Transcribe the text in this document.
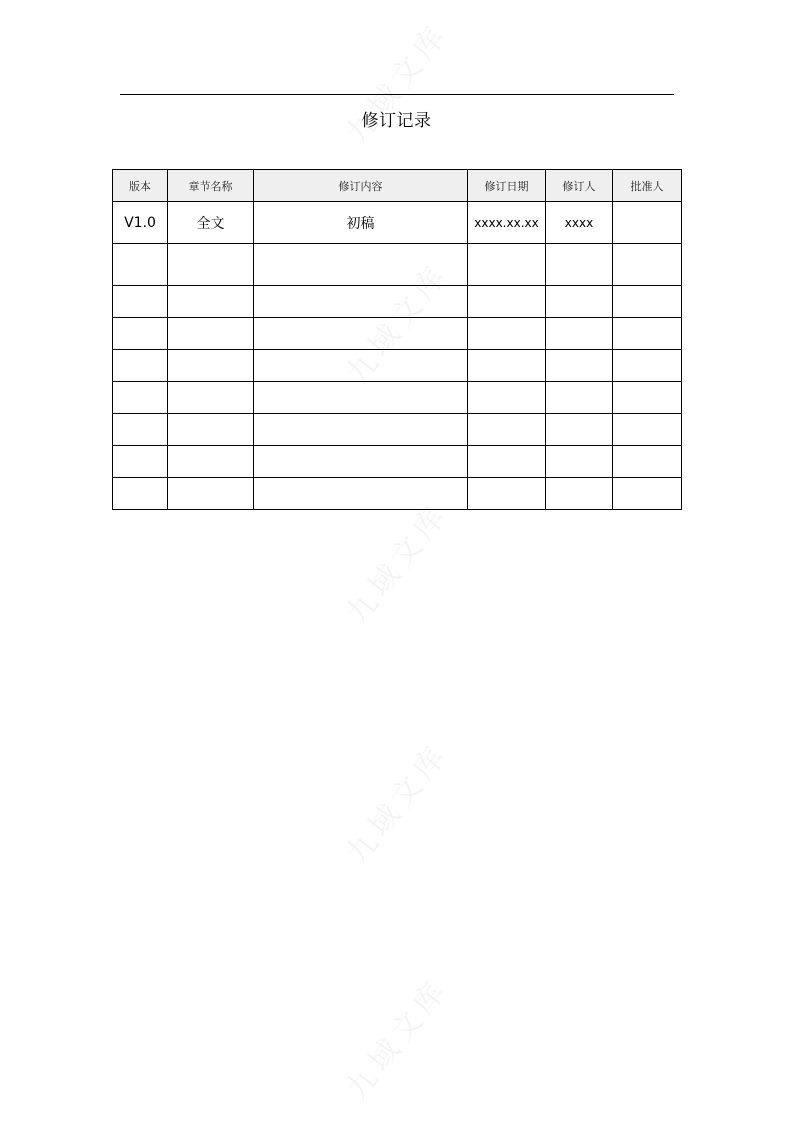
修订记录
版本	章节名称	修订内容	修订日期	修订人	批准人
V1.0	全文	初稿	xxxx.xx.xx	xxxx	
